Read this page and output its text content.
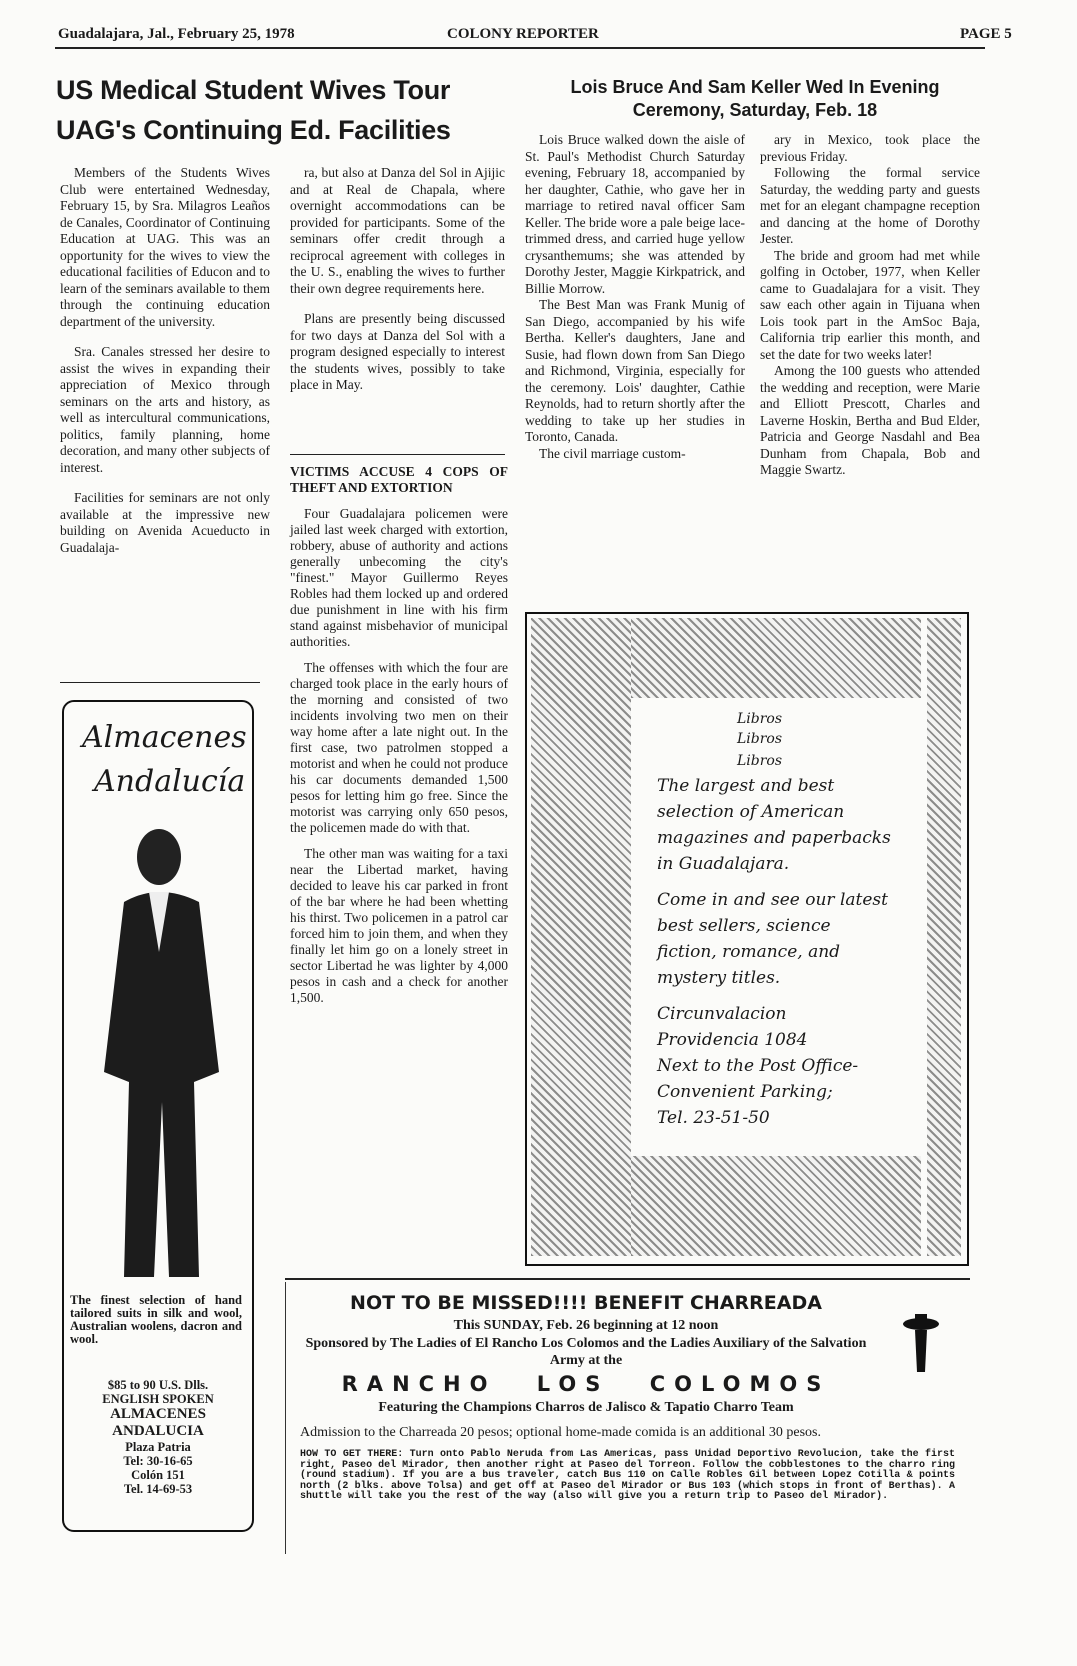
Guadalajara, Jal., February 25, 1978	COLONY REPORTER	PAGE 5
US Medical Student Wives Tour UAG's Continuing Ed. Facilities

Members of the Students Wives Club were entertained Wednesday, February 15, by Sra. Milagros Leaños de Canales, Coordinator of Continuing Education at UAG. This was an opportunity for the wives to view the educational facilities of Educon and to learn of the seminars available to them through the continuing education department of the university.

Sra. Canales stressed her desire to assist the wives in expanding their appreciation of Mexico through seminars on the arts and history, as well as intercultural communications, politics, family planning, home decoration, and many other subjects of interest.

Facilities for seminars are not only available at the impressive new building on Avenida Acueducto in Guadalaja-

ra, but also at Danza del Sol in Ajijic and at Real de Chapala, where overnight accommodations can be provided for participants. Some of the seminars offer credit through a reciprocal agreement with colleges in the U. S., enabling the wives to further their own degree requirements here.

Plans are presently being discussed for two days at Danza del Sol with a program designed especially to interest the students wives, possibly to take place in May.

VICTIMS ACCUSE 4 COPS OF THEFT AND EXTORTION

Four Guadalajara policemen were jailed last week charged with extortion, robbery, abuse of authority and actions generally unbecoming the city's "finest." Mayor Guillermo Reyes Robles had them locked up and ordered due punishment in line with his firm stand against misbehavior of municipal authorities.

The offenses with which the four are charged took place in the early hours of the morning and consisted of two incidents involving two men on their way home after a late night out. In the first case, two patrolmen stopped a motorist and when he could not produce his car documents demanded 1,500 pesos for letting him go free. Since the motorist was carrying only 650 pesos, the policemen made do with that.

The other man was waiting for a taxi near the Libertad market, having decided to leave his car parked in front of the bar where he had been whetting his thirst. Two policemen in a patrol car forced him to join them, and when they finally let him go on a lonely street in sector Libertad he was lighter by 4,000 pesos in cash and a check for another 1,500.

Lois Bruce And Sam Keller Wed In Evening Ceremony, Saturday, Feb. 18

Lois Bruce walked down the aisle of St. Paul's Methodist Church Saturday evening, February 18, accompanied by her daughter, Cathie, who gave her in marriage to retired naval officer Sam Keller. The bride wore a pale beige lace-trimmed dress, and carried huge yellow crysanthemums; she was attended by Dorothy Jester, Maggie Kirkpatrick, and Billie Morrow.

The Best Man was Frank Munig of San Diego, accompanied by his wife Bertha. Keller's daughters, Jane and Susie, had flown down from San Diego and Richmond, Virginia, especially for the ceremony. Lois' daughter, Cathie Reynolds, had to return shortly after the wedding to take up her studies in Toronto, Canada.

The civil marriage custom-

ary in Mexico, took place the previous Friday.

Following the formal service Saturday, the wedding party and guests met for an elegant champagne reception and dancing at the home of Dorothy Jester.

The bride and groom had met while golfing in October, 1977, when Keller came to Guadalajara for a visit. They saw each other again in Tijuana when Lois took part in the AmSoc Baja, California trip earlier this month, and set the date for two weeks later!

Among the 100 guests who attended the wedding and reception, were Marie and Elliott Prescott, Charles and Laverne Hoskin, Bertha and Bud Elder, Patricia and George Nasdahl and Bea Dunham from Chapala, Bob and Maggie Swartz.

Libros
Libros
Libros
The largest and best
selection of American
magazines and paperbacks
in Guadalajara.
Come in and see our latest
best sellers, science
fiction, romance, and
mystery titles.
Circunvalacion
Providencia 1084
Next to the Post Office-
Convenient Parking;
Tel. 23-51-50
Almacenes
Andalucía
The finest selection of hand tailored suits in silk and wool, Australian woolens, dacron and wool.
$85 to 90 U.S. Dlls.
ENGLISH SPOKEN
ALMACENES
ANDALUCIA
Plaza Patria
Tel: 30-16-65
Colón 151
Tel. 14-69-53
NOT TO BE MISSED!!!! BENEFIT CHARREADA
This SUNDAY, Feb. 26 beginning at 12 noon
Sponsored by The Ladies of El Rancho Los Colomos and the Ladies Auxiliary of the Salvation Army at the
RANCHO LOS COLOMOS
Featuring the Champions Charros de Jalisco & Tapatio Charro Team
Admission to the Charreada 20 pesos; optional home-made comida is an additional 30 pesos.
HOW TO GET THERE: Turn onto Pablo Neruda from Las Americas, pass Unidad Deportivo Revolucion, take the first right, Paseo del Mirador, then another right at Paseo del Torreon. Follow the cobblestones to the charro ring (round stadium). If you are a bus traveler, catch Bus 110 on Calle Robles Gil between Lopez Cotilla & points north (2 blks. above Tolsa) and get off at Paseo del Mirador or Bus 103 (which stops in front of Berthas). A shuttle will take you the rest of the way (also will give you a return trip to Paseo del Mirador).
